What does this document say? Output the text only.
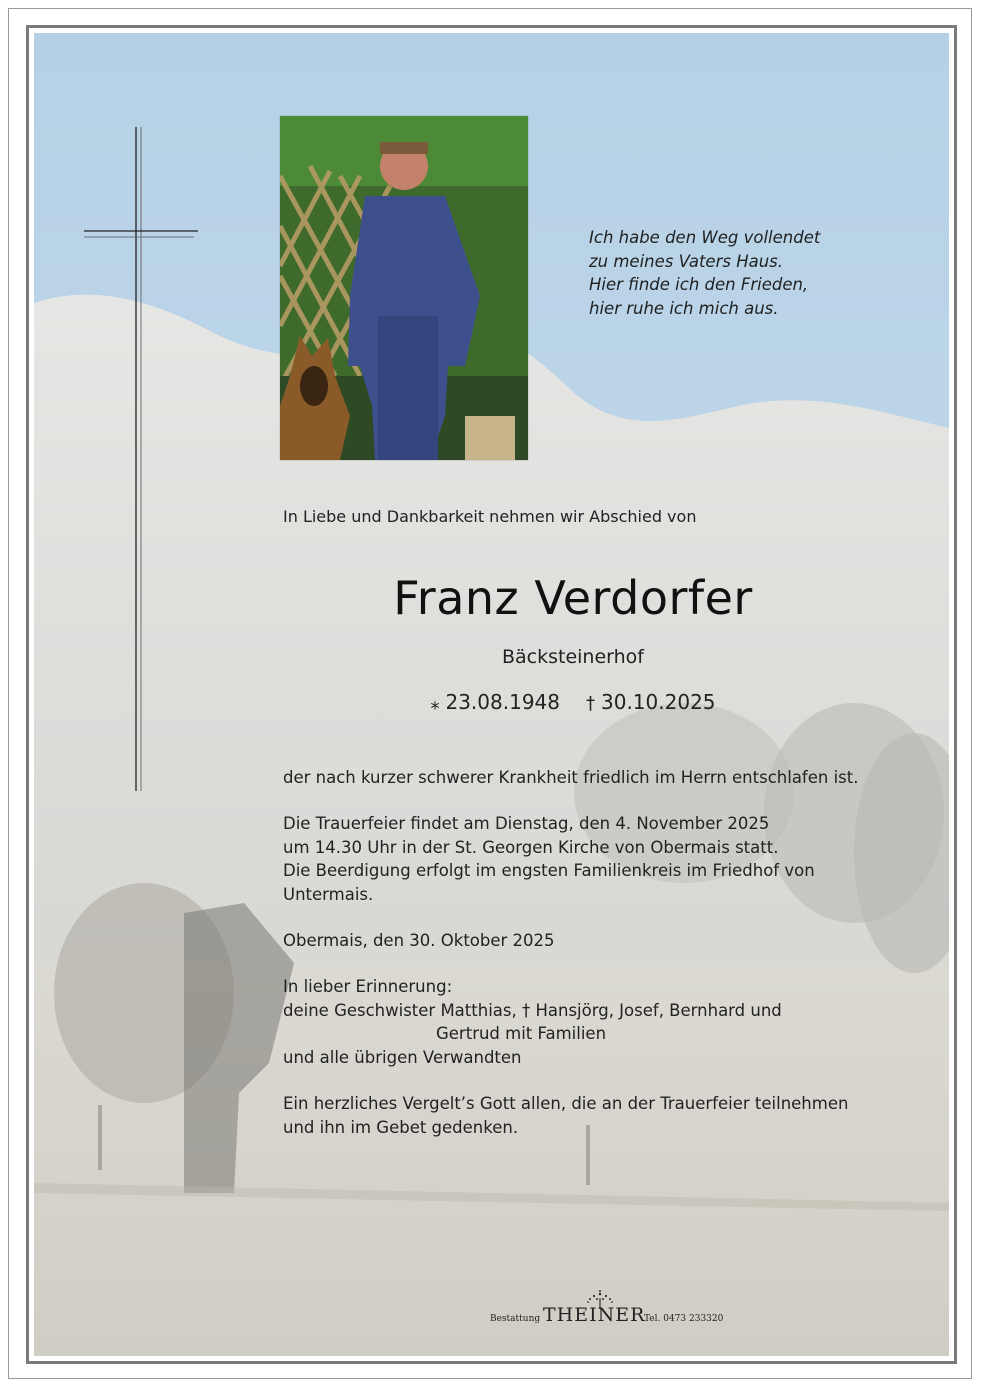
Ich habe den Weg vollendet
zu meines Vaters Haus.
Hier finde ich den Frieden,
hier ruhe ich mich aus.
In Liebe und Dankbarkeit nehmen wir Abschied von
Franz Verdorfer
Bäcksteinerhof
⁎ 23.08.1948 † 30.10.2025
der nach kurzer schwerer Krankheit friedlich im Herrn entschlafen ist.
Die Trauerfeier findet am Dienstag, den 4. November 2025
um 14.30 Uhr in der St. Georgen Kirche von Obermais statt.
Die Beerdigung erfolgt im engsten Familienkreis im Friedhof von
Untermais.
Obermais, den 30. Oktober 2025
In lieber Erinnerung:
deine Geschwister Matthias, † Hansjörg, Josef, Bernhard und
Gertrud mit Familien
und alle übrigen Verwandten
Ein herzliches Vergelt’s Gott allen, die an der Trauerfeier teilnehmen
und ihn im Gebet gedenken.
Bestattung THEINER
Tel. 0473 233320
